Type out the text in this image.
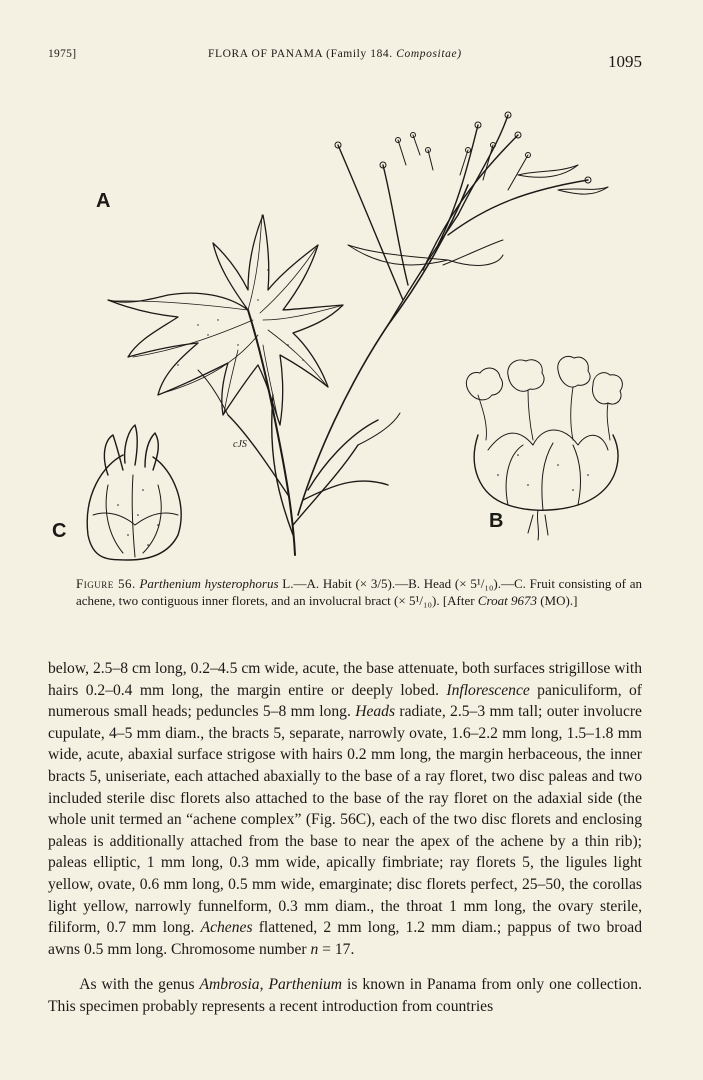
1975]	FLORA OF PANAMA (Family 184. Compositae)	1095
cJS
A
C	B
Figure 56. Parthenium hysterophorus L.—A. Habit (× 3/5).—B. Head (× 5¹/₁₀).—C. Fruit consisting of an achene, two contiguous inner florets, and an involucral bract (× 5¹/₁₀). [After Croat 9673 (MO).]

below, 2.5–8 cm long, 0.2–4.5 cm wide, acute, the base attenuate, both surfaces strigillose with hairs 0.2–0.4 mm long, the margin entire or deeply lobed. Inflorescence paniculiform, of numerous small heads; peduncles 5–8 mm long. Heads radiate, 2.5–3 mm tall; outer involucre cupulate, 4–5 mm diam., the bracts 5, separate, narrowly ovate, 1.6–2.2 mm long, 1.5–1.8 mm wide, acute, abaxial surface strigose with hairs 0.2 mm long, the margin herbaceous, the inner bracts 5, uniseriate, each attached abaxially to the base of a ray floret, two disc paleas and two included sterile disc florets also attached to the base of the ray floret on the adaxial side (the whole unit termed an “achene complex” (Fig. 56C), each of the two disc florets and enclosing paleas is additionally attached from the base to near the apex of the achene by a thin rib); paleas elliptic, 1 mm long, 0.3 mm wide, apically fimbriate; ray florets 5, the ligules light yellow, ovate, 0.6 mm long, 0.5 mm wide, emarginate; disc florets perfect, 25–50, the corollas light yellow, narrowly funnelform, 0.3 mm diam., the throat 1 mm long, the ovary sterile, filiform, 0.7 mm long. Achenes flattened, 2 mm long, 1.2 mm diam.; pappus of two broad awns 0.5 mm long. Chromosome number n = 17.

As with the genus Ambrosia, Parthenium is known in Panama from only one collection. This specimen probably represents a recent introduction from countries
